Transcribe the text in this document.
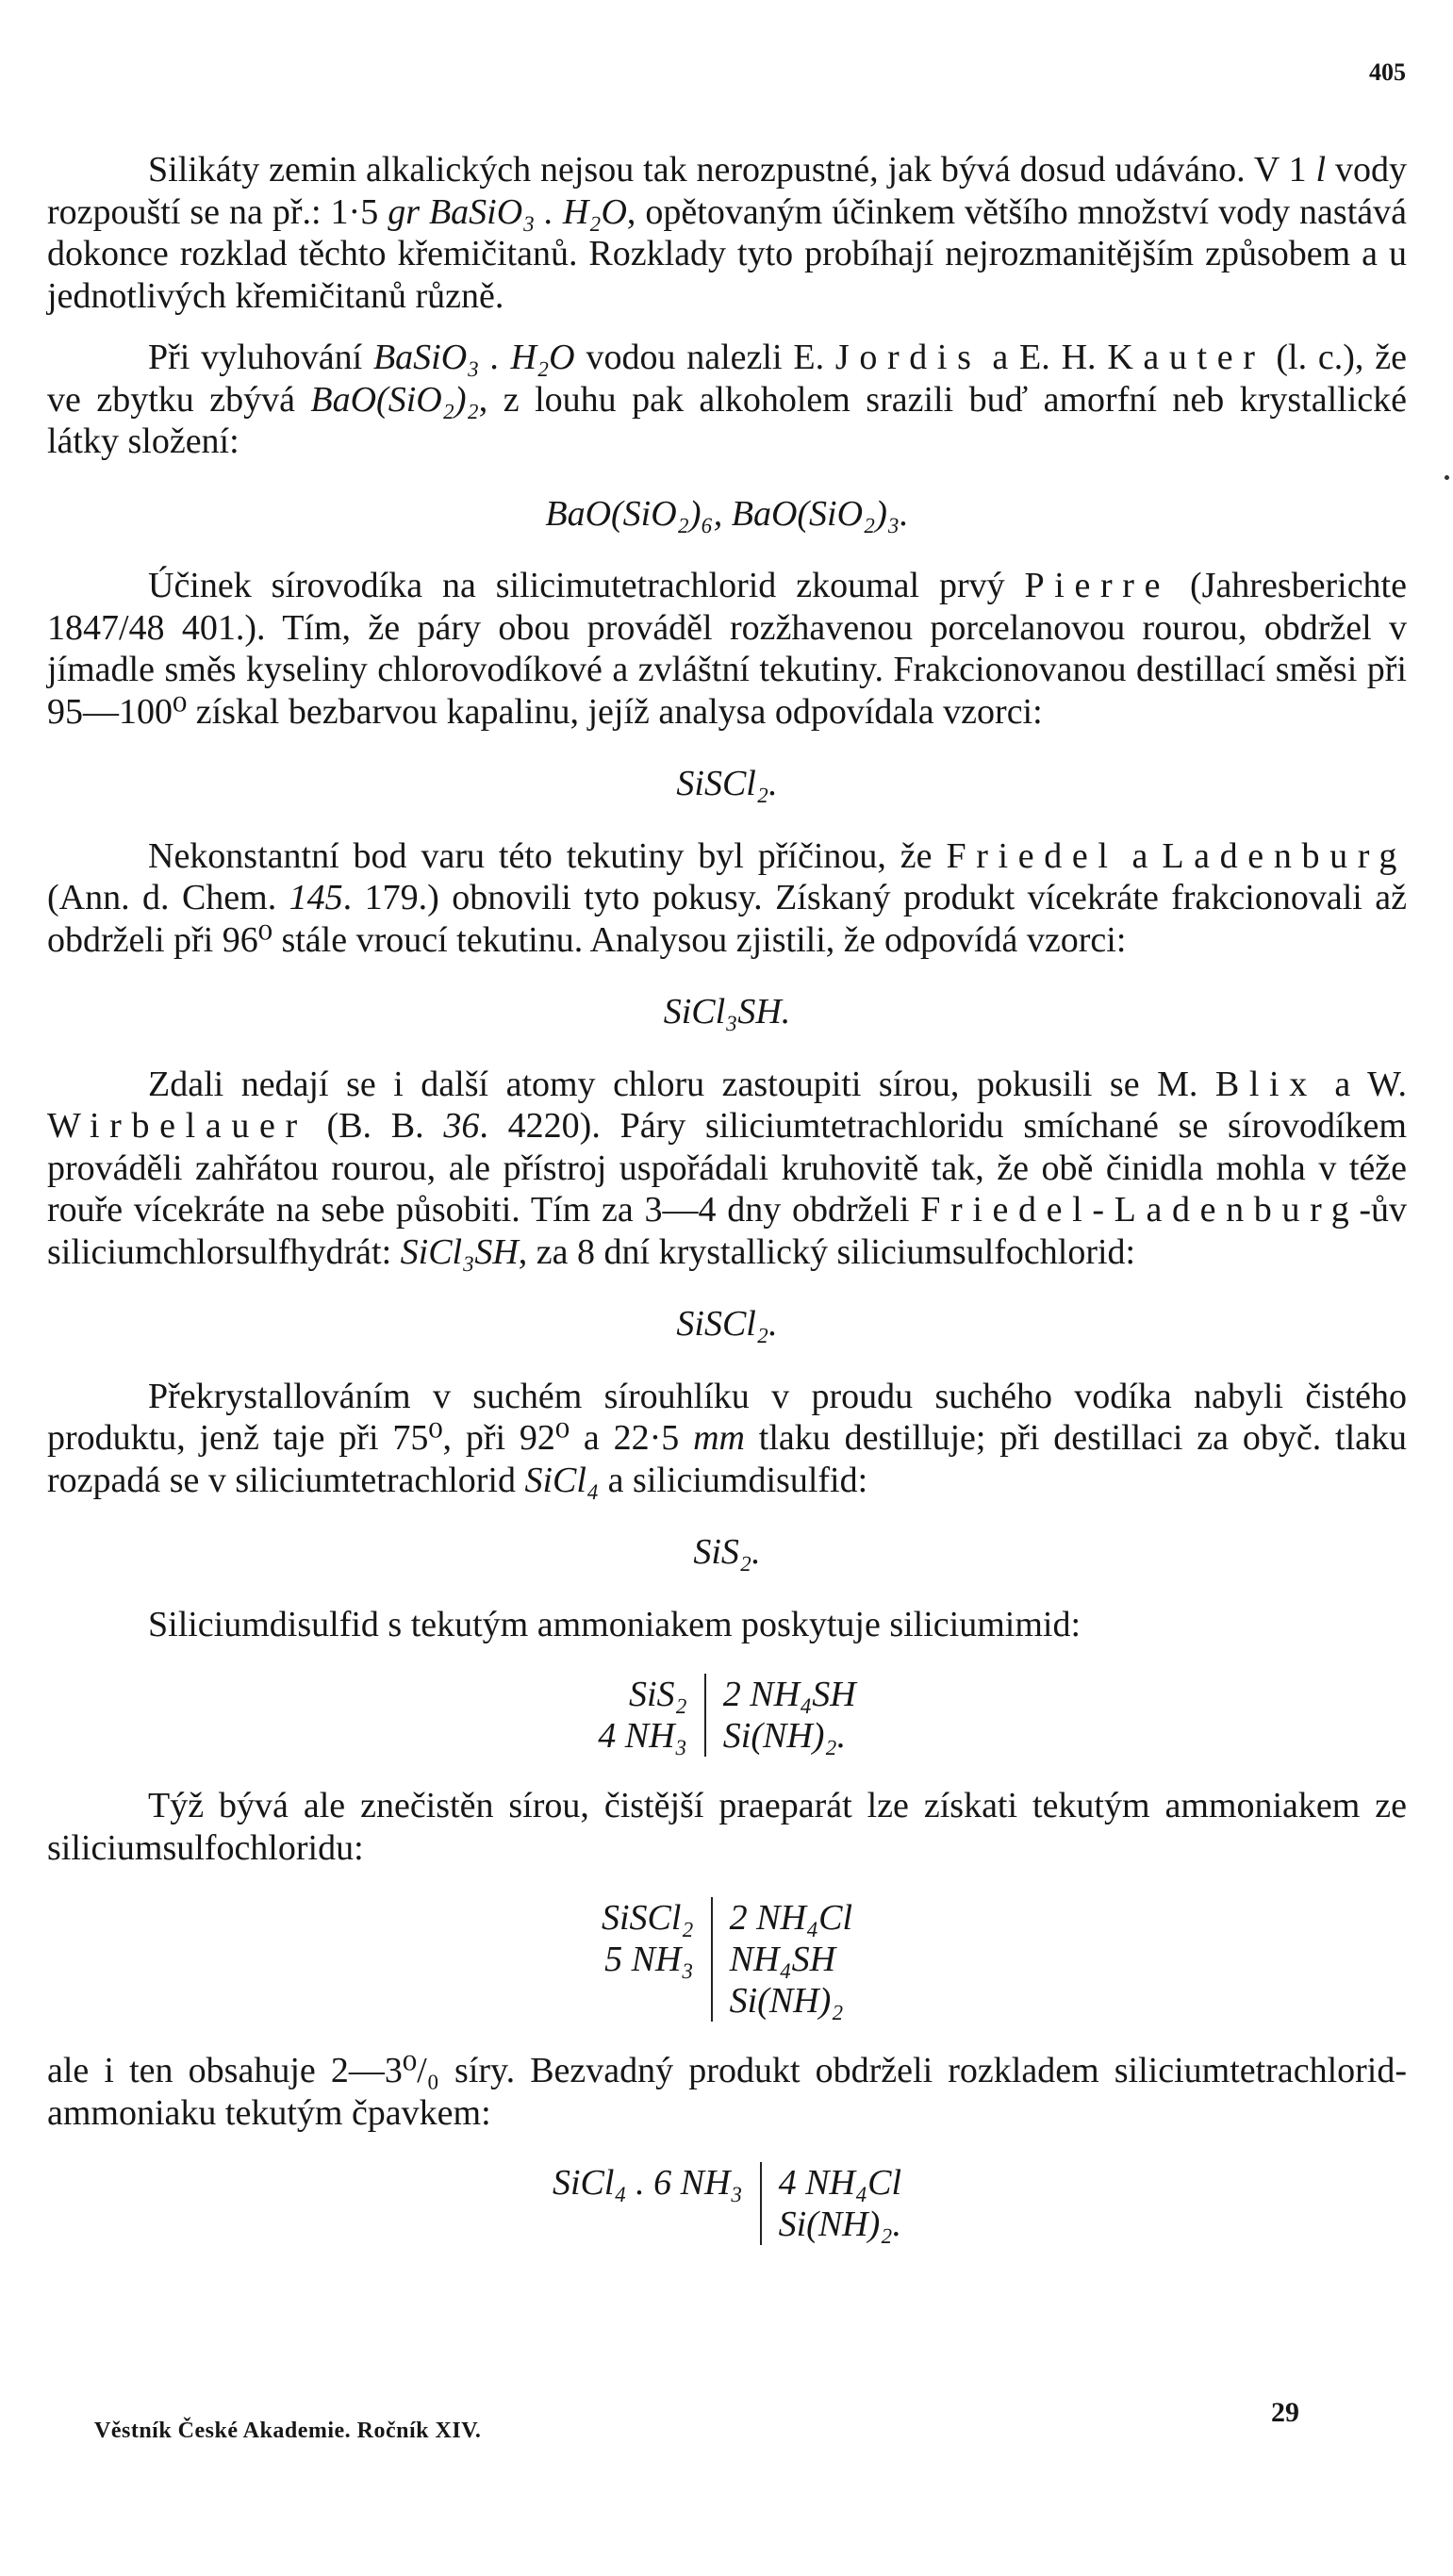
405

Silikáty zemin alkalických nejsou tak nerozpustné, jak bývá dosud udáváno. V 1 l vody rozpouští se na př.: 1·5 gr BaSiO₃ . H₂O, opětovaným účinkem většího množství vody nastává dokonce rozklad těchto křemičitanů. Rozklady tyto probíhají nejrozmanitějším způsobem a u jednotlivých křemičitanů různě.

Při vyluhování BaSiO₃ . H₂O vodou nalezli E. Jordis a E. H. Kauter (l. c.), že ve zbytku zbývá BaO(SiO₂)₂, z louhu pak alkoholem srazili buď amorfní neb krystallické látky složení:

BaO(SiO₂)₆, BaO(SiO₂)₃.

Účinek sírovodíka na silicimutetrachlorid zkoumal prvý Pierre (Jahresberichte 1847/48 401.). Tím, že páry obou prováděl rozžhavenou porcelanovou rourou, obdržel v jímadle směs kyseliny chlorovodíkové a zvláštní tekutiny. Frakcionovanou destillací směsi při 95—100⁰ získal bezbarvou kapalinu, jejíž analysa odpovídala vzorci:

SiSCl₂.

Nekonstantní bod varu této tekutiny byl příčinou, že Friedel a Ladenburg (Ann. d. Chem. 145. 179.) obnovili tyto pokusy. Získaný produkt vícekráte frakcionovali až obdrželi při 96⁰ stále vroucí tekutinu. Analysou zjistili, že odpovídá vzorci:

SiCl₃SH.

Zdali nedají se i další atomy chloru zastoupiti sírou, pokusili se M. Blix a W. Wirbelauer (B. B. 36. 4220). Páry siliciumtetrachloridu smíchané se sírovodíkem prováděli zahřátou rourou, ale přístroj uspořádali kruhovitě tak, že obě činidla mohla v téže rouře vícekráte na sebe působiti. Tím za 3—4 dny obdrželi Friedel-Ladenburg-ův siliciumchlorsulfhydrát: SiCl₃SH, za 8 dní krystallický siliciumsulfochlorid:

SiSCl₂.

Překrystallováním v suchém sírouhlíku v proudu suchého vodíka nabyli čistého produktu, jenž taje při 75⁰, při 92⁰ a 22·5 mm tlaku destilluje; při destillaci za obyč. tlaku rozpadá se v siliciumtetrachlorid SiCl₄ a siliciumdisulfid:

SiS₂.

Siliciumdisulfid s tekutým ammoniakem poskytuje siliciumimid:

SiS₂	2 NH₄SH
4 NH₃	Si(NH)₂.

Týž bývá ale znečistěn sírou, čistější praeparát lze získati tekutým ammoniakem ze siliciumsulfochloridu:

SiSCl₂	2 NH₄Cl
5 NH₃	NH₄SH
	Si(NH)₂

ale i ten obsahuje 2—3⁰/₀ síry. Bezvadný produkt obdrželi rozkladem siliciumtetrachlorid-ammoniaku tekutým čpavkem:

SiCl₄ . 6 NH₃	4 NH₄Cl
	Si(NH)₂.
Věstník České Akademie. Ročník XIV.
29
